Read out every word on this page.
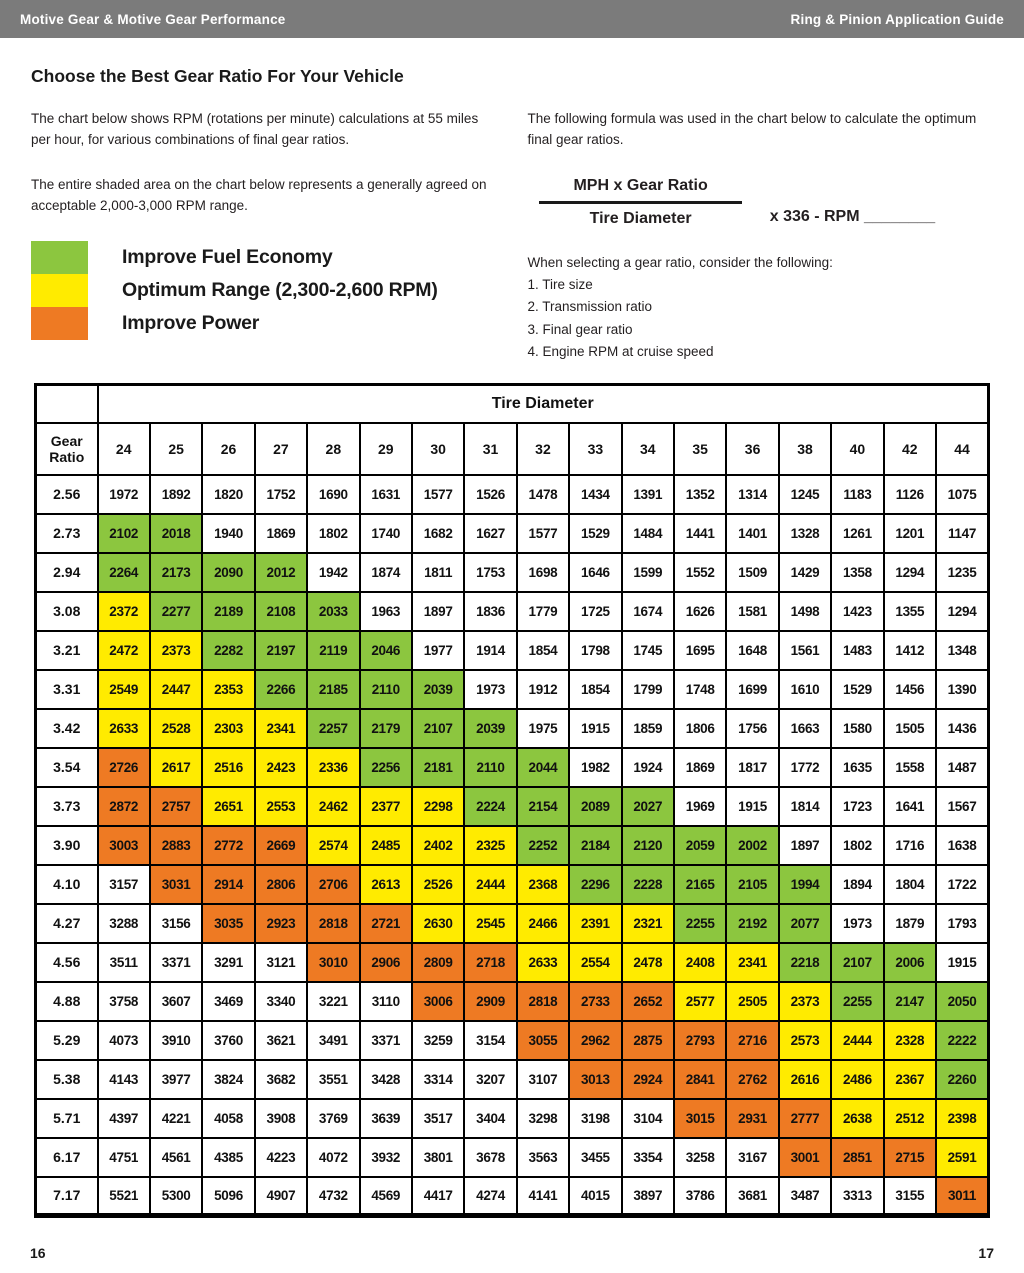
Motive Gear & Motive Gear Performance	Ring & Pinion Application Guide
Choose the Best Gear Ratio For Your Vehicle

The chart below shows RPM (rotations per minute) calculations at 55 miles per hour, for various combinations of final gear ratios.

The entire shaded area on the chart below represents a generally agreed on acceptable 2,000-3,000 RPM range.

Improve Fuel Economy
Optimum Range (2,300-2,600 RPM)
Improve Power

The following formula was used in the chart below to calculate the optimum final gear ratios.

$\frac{\text{MPH x Gear Ratio}}{\text{Tire Diameter}}$ x 336 - RPM ________

When selecting a gear ratio, consider the following:

1. Tire size
2. Transmission ratio
3. Final gear ratio
4. Engine RPM at cruise speed
	Tire Diameter																
Gear Ratio	24	25	26	27	28	29	30	31	32	33	34	35	36	38	40	42	44
2.56	1972	1892	1820	1752	1690	1631	1577	1526	1478	1434	1391	1352	1314	1245	1183	1126	1075
2.73	2102	2018	1940	1869	1802	1740	1682	1627	1577	1529	1484	1441	1401	1328	1261	1201	1147
2.94	2264	2173	2090	2012	1942	1874	1811	1753	1698	1646	1599	1552	1509	1429	1358	1294	1235
3.08	2372	2277	2189	2108	2033	1963	1897	1836	1779	1725	1674	1626	1581	1498	1423	1355	1294
3.21	2472	2373	2282	2197	2119	2046	1977	1914	1854	1798	1745	1695	1648	1561	1483	1412	1348
3.31	2549	2447	2353	2266	2185	2110	2039	1973	1912	1854	1799	1748	1699	1610	1529	1456	1390
3.42	2633	2528	2303	2341	2257	2179	2107	2039	1975	1915	1859	1806	1756	1663	1580	1505	1436
3.54	2726	2617	2516	2423	2336	2256	2181	2110	2044	1982	1924	1869	1817	1772	1635	1558	1487
3.73	2872	2757	2651	2553	2462	2377	2298	2224	2154	2089	2027	1969	1915	1814	1723	1641	1567
3.90	3003	2883	2772	2669	2574	2485	2402	2325	2252	2184	2120	2059	2002	1897	1802	1716	1638
4.10	3157	3031	2914	2806	2706	2613	2526	2444	2368	2296	2228	2165	2105	1994	1894	1804	1722
4.27	3288	3156	3035	2923	2818	2721	2630	2545	2466	2391	2321	2255	2192	2077	1973	1879	1793
4.56	3511	3371	3291	3121	3010	2906	2809	2718	2633	2554	2478	2408	2341	2218	2107	2006	1915
4.88	3758	3607	3469	3340	3221	3110	3006	2909	2818	2733	2652	2577	2505	2373	2255	2147	2050
5.29	4073	3910	3760	3621	3491	3371	3259	3154	3055	2962	2875	2793	2716	2573	2444	2328	2222
5.38	4143	3977	3824	3682	3551	3428	3314	3207	3107	3013	2924	2841	2762	2616	2486	2367	2260
5.71	4397	4221	4058	3908	3769	3639	3517	3404	3298	3198	3104	3015	2931	2777	2638	2512	2398
6.17	4751	4561	4385	4223	4072	3932	3801	3678	3563	3455	3354	3258	3167	3001	2851	2715	2591
7.17	5521	5300	5096	4907	4732	4569	4417	4274	4141	4015	3897	3786	3681	3487	3313	3155	3011
16	17
